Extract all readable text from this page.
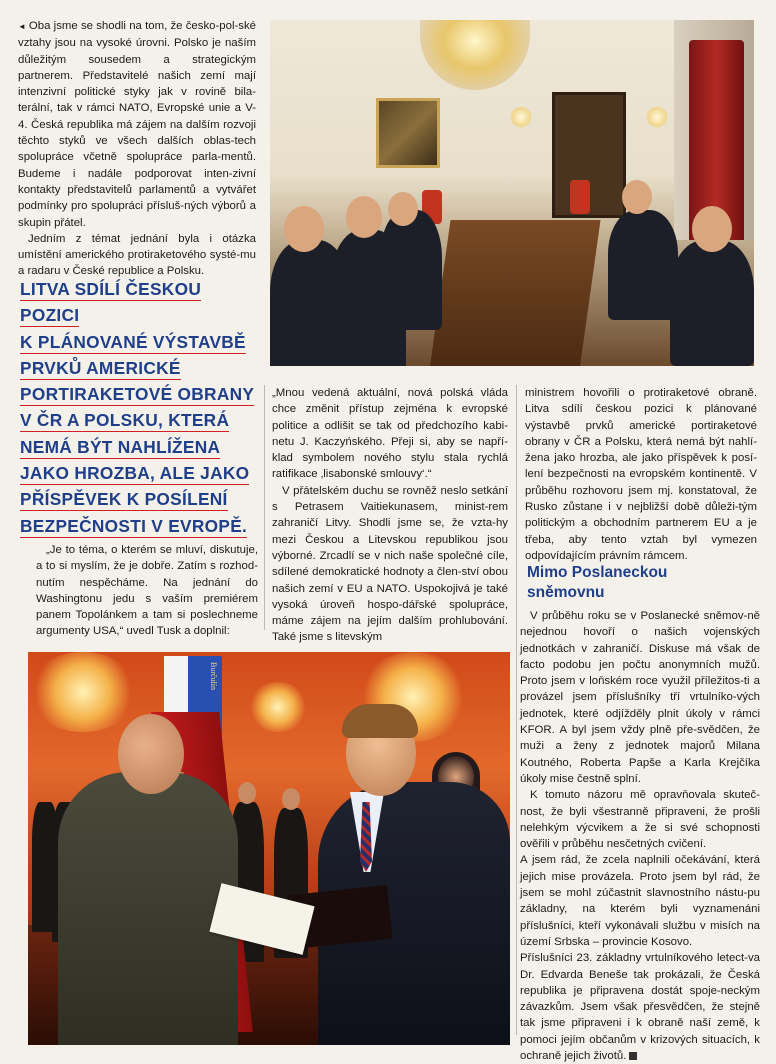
◄ Oba jsme se shodli na tom, že česko-pol-ské vztahy jsou na vysoké úrovni. Polsko je naším důležitým sousedem a strategickým partnerem. Představitelé našich zemí mají intenzivní politické styky jak v rovině bila-terální, tak v rámci NATO, Evropské unie a V-4. Česká republika má zájem na dalším rozvoji těchto styků ve všech dalších oblas-tech spolupráce včetně spolupráce parla-mentů. Budeme i nadále podporovat inten-zivní kontakty představitelů parlamentů a vytvářet podmínky pro spolupráci přísluš-ných výborů a skupin přátel.

Jedním z témat jednání byla i otázka umístění amerického protiraketového systé-mu a radaru v České republice a Polsku.

LITVA SDÍLÍ ČESKOU POZICI
K PLÁNOVANÉ VÝSTAVBĚ
PRVKŮ AMERICKÉ
PORTIRAKETOVÉ OBRANY
V ČR A POLSKU, KTERÁ
NEMÁ BÝT NAHLÍŽENA
JAKO HROZBA, ALE JAKO
PŘÍSPĚVEK K POSÍLENÍ
BEZPEČNOSTI V EVROPĚ.

„Je to téma, o kterém se mluví, diskutuje, a to si myslím, že je dobře. Zatím s rozhod-nutím nespěcháme. Na jednání do Washingtonu jedu s vaším premiérem panem Topolánkem a tam si poslechneme argumenty USA,“ uvedl Tusk a doplnil:

„Mnou vedená aktuální, nová polská vláda chce změnit přístup zejména k evropské politice a odlišit se tak od předchozího kabi-netu J. Kaczyńského. Přeji si, aby se napří-klad symbolem nového stylu stala rychlá ratifikace ‚lisabonské smlouvy‘.“

V přátelském duchu se rovněž neslo setkání s Petrasem Vaitiekunasem, minist-rem zahraničí Litvy. Shodli jsme se, že vzta-hy mezi Českou a Litevskou republikou jsou výborné. Zrcadlí se v nich naše společné cíle, sdílené demokratické hodnoty a člen-ství obou našich zemí v EU a NATO. Uspokojivá je také vysoká úroveň hospo-dářské spolupráce, máme zájem na jejím dalším prohlubování. Také jsme s litevským

ministrem hovořili o protiraketové obraně. Litva sdílí českou pozici k plánované výstavbě prvků americké portiraketové obrany v ČR a Polsku, která nemá být nahlí-žena jako hrozba, ale jako příspěvek k posí-lení bezpečnosti na evropském kontinentě. V průběhu rozhovoru jsem mj. konstatoval, že Rusko zůstane i v nejbližší době důleži-tým politickým a obchodním partnerem EU a je třeba, aby tento vztah byl vymezen odpovídajícím právním rámcem.

Mimo Poslaneckou
sněmovnu

V průběhu roku se v Poslanecké sněmov-ně nejednou hovoří o našich vojenských jednotkách v zahraničí. Diskuse má však de facto podobu jen počtu anonymních mužů. Proto jsem v loňském roce využil příležitos-ti a provázel jsem příslušníky tří vrtulníko-vých jednotek, které odjížděly plnit úkoly v rámci KFOR. A byl jsem vždy plně pře-svědčen, že muži a ženy z jednotek majorů Milana Koutného, Roberta Papše a Karla Krejčíka úkoly mise čestně splní.

K tomuto názoru mě opravňovala skuteč-nost, že byli všestranně připraveni, že prošli nelehkým výcvikem a že si své schopnosti ověřili v průběhu nesčetných cvičení.

A jsem rád, že zcela naplnili očekávání, která jejich mise provázela. Proto jsem byl rád, že jsem se mohl zúčastnit slavnostního nástu-pu základny, na kterém byli vyznamenáni příslušníci, kteří vykonávali službu v misích na území Srbska – provincie Kosovo.

Příslušníci 23. základny vrtulníkového letect-va Dr. Edvarda Beneše tak prokázali, že Česká republika je připravena dostát spoje-neckým závazkům. Jsem však přesvědčen, že stejně tak jsme připraveni i k obraně naší země, k pomoci jejím občanům v krizových situacích, k ochraně jejich životů.

Burčulín
